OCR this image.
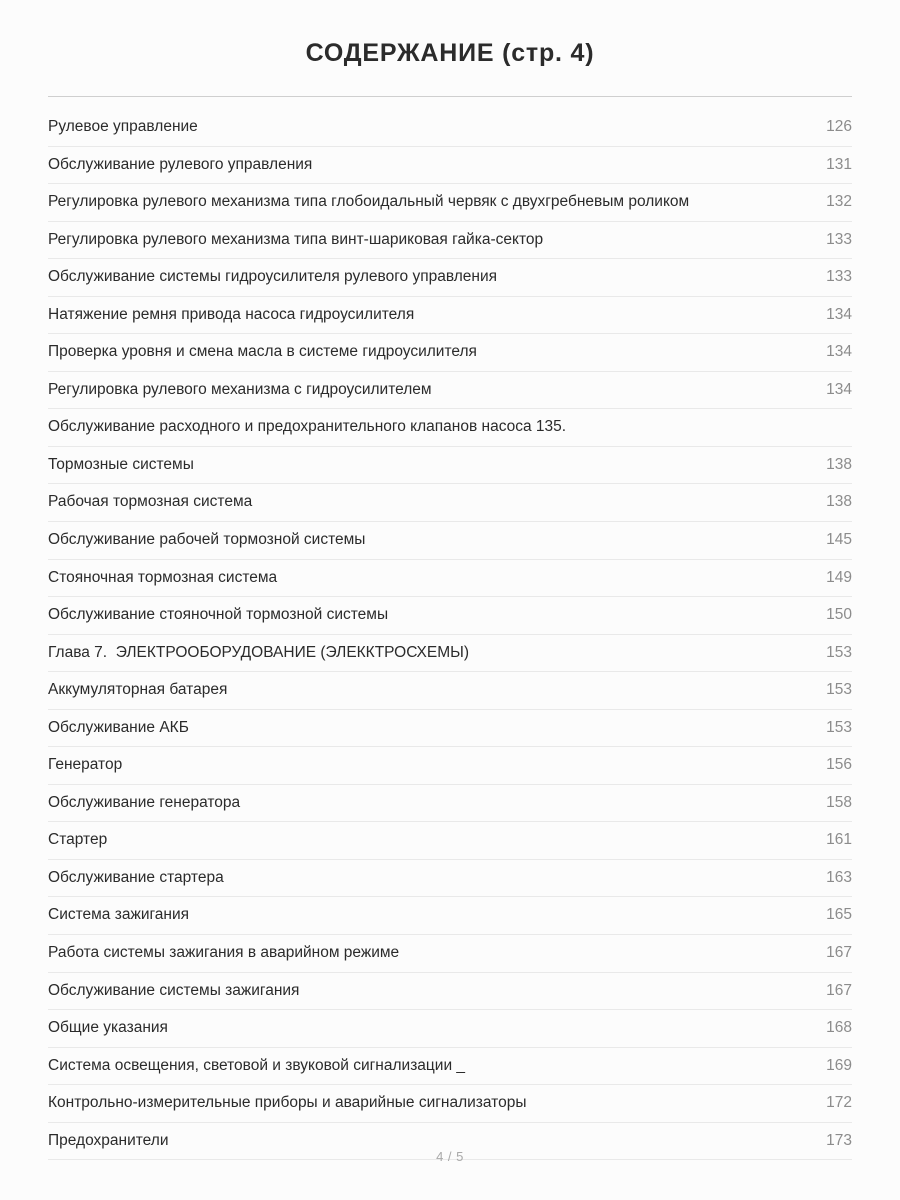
СОДЕРЖАНИЕ (стр. 4)
Рулевое управление	126
Обслуживание рулевого управления	131
Регулировка рулевого механизма типа глобоидальный червяк с двухгребневым роликом	132
Регулировка рулевого механизма типа винт-шариковая гайка-сектор	133
Обслуживание системы гидроусилителя рулевого управления	133
Натяжение ремня привода насоса гидроусилителя	134
Проверка уровня и смена масла в системе гидроусилителя	134
Регулировка рулевого механизма с гидроусилителем	134
Обслуживание расходного и предохранительного клапанов насоса 135.
Тормозные системы	138
Рабочая тормозная система	138
Обслуживание рабочей тормозной системы	145
Стояночная тормозная система	149
Обслуживание стояночной тормозной системы	150
Глава 7.  ЭЛЕКТРООБОРУДОВАНИЕ (ЭЛЕККТРОСХЕМЫ)	153
Аккумуляторная батарея	153
Обслуживание АКБ	153
Генератор	156
Обслуживание генератора	158
Стартер	161
Обслуживание стартера	163
Система зажигания	165
Работа системы зажигания в аварийном режиме	167
Обслуживание системы зажигания	167
Общие указания	168
Система освещения, световой и звуковой сигнализации _	169
Контрольно-измерительные приборы и аварийные сигнализаторы	172
Предохранители	173
4 / 5
